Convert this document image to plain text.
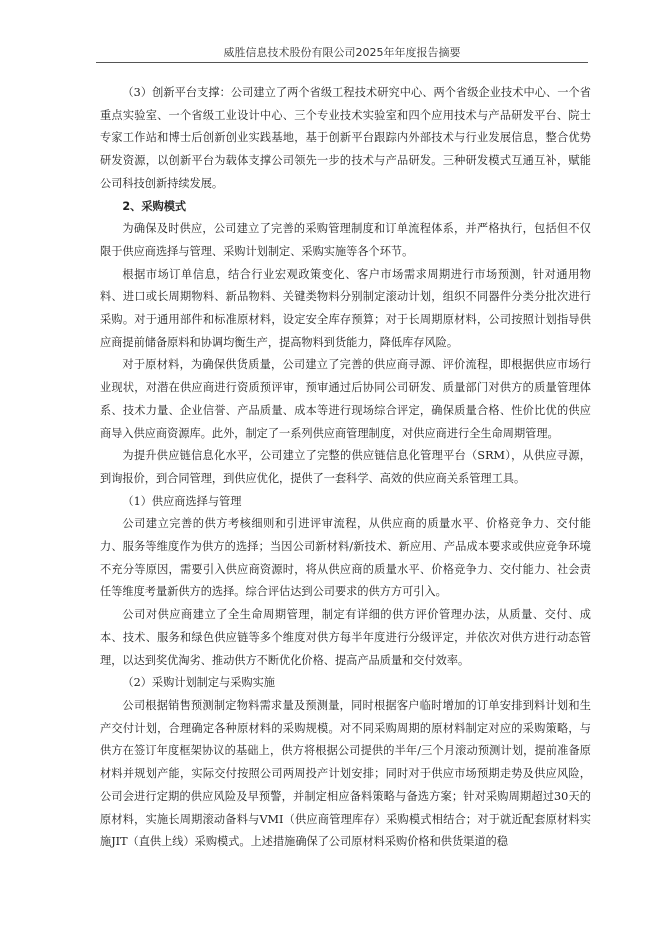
威胜信息技术股份有限公司2025年年度报告摘要

（3）创新平台支撑：公司建立了两个省级工程技术研究中心、两个省级企业技术中心、一个省重点实验室、一个省级工业设计中心、三个专业技术实验室和四个应用技术与产品研发平台、院士专家工作站和博士后创新创业实践基地，基于创新平台跟踪内外部技术与行业发展信息，整合优势研发资源，以创新平台为载体支撑公司领先一步的技术与产品研发。三种研发模式互通互补，赋能公司科技创新持续发展。

2、采购模式

为确保及时供应，公司建立了完善的采购管理制度和订单流程体系，并严格执行，包括但不仅限于供应商选择与管理、采购计划制定、采购实施等各个环节。

根据市场订单信息，结合行业宏观政策变化、客户市场需求周期进行市场预测，针对通用物料、进口或长周期物料、新品物料、关键类物料分别制定滚动计划，组织不同器件分类分批次进行采购。对于通用部件和标准原材料，设定安全库存预算；对于长周期原材料，公司按照计划指导供应商提前储备原料和协调均衡生产，提高物料到货能力，降低库存风险。

对于原材料，为确保供货质量，公司建立了完善的供应商寻源、评价流程，即根据供应市场行业现状，对潜在供应商进行资质预评审，预审通过后协同公司研发、质量部门对供方的质量管理体系、技术力量、企业信誉、产品质量、成本等进行现场综合评定，确保质量合格、性价比优的供应商导入供应商资源库。此外，制定了一系列供应商管理制度，对供应商进行全生命周期管理。

为提升供应链信息化水平，公司建立了完整的供应链信息化管理平台（SRM），从供应寻源，到询报价，到合同管理，到供应优化，提供了一套科学、高效的供应商关系管理工具。

（1）供应商选择与管理

公司建立完善的供方考核细则和引进评审流程，从供应商的质量水平、价格竞争力、交付能力、服务等维度作为供方的选择；当因公司新材料/新技术、新应用、产品成本要求或供应竞争环境不充分等原因，需要引入供应商资源时，将从供应商的质量水平、价格竞争力、交付能力、社会责任等维度考量新供方的选择。综合评估达到公司要求的供方方可引入。

公司对供应商建立了全生命周期管理，制定有详细的供方评价管理办法，从质量、交付、成本、技术、服务和绿色供应链等多个维度对供方每半年度进行分级评定，并依次对供方进行动态管理，以达到奖优淘劣、推动供方不断优化价格、提高产品质量和交付效率。

（2）采购计划制定与采购实施

公司根据销售预测制定物料需求量及预测量，同时根据客户临时增加的订单安排到料计划和生产交付计划，合理确定各种原材料的采购规模。对不同采购周期的原材料制定对应的采购策略，与供方在签订年度框架协议的基础上，供方将根据公司提供的半年/三个月滚动预测计划，提前准备原材料并规划产能，实际交付按照公司两周投产计划安排；同时对于供应市场预期走势及供应风险，公司会进行定期的供应风险及早预警，并制定相应备料策略与备选方案；针对采购周期超过30天的原材料，实施长周期滚动备料与VMI（供应商管理库存）采购模式相结合；对于就近配套原材料实施JIT（直供上线）采购模式。上述措施确保了公司原材料采购价格和供货渠道的稳
